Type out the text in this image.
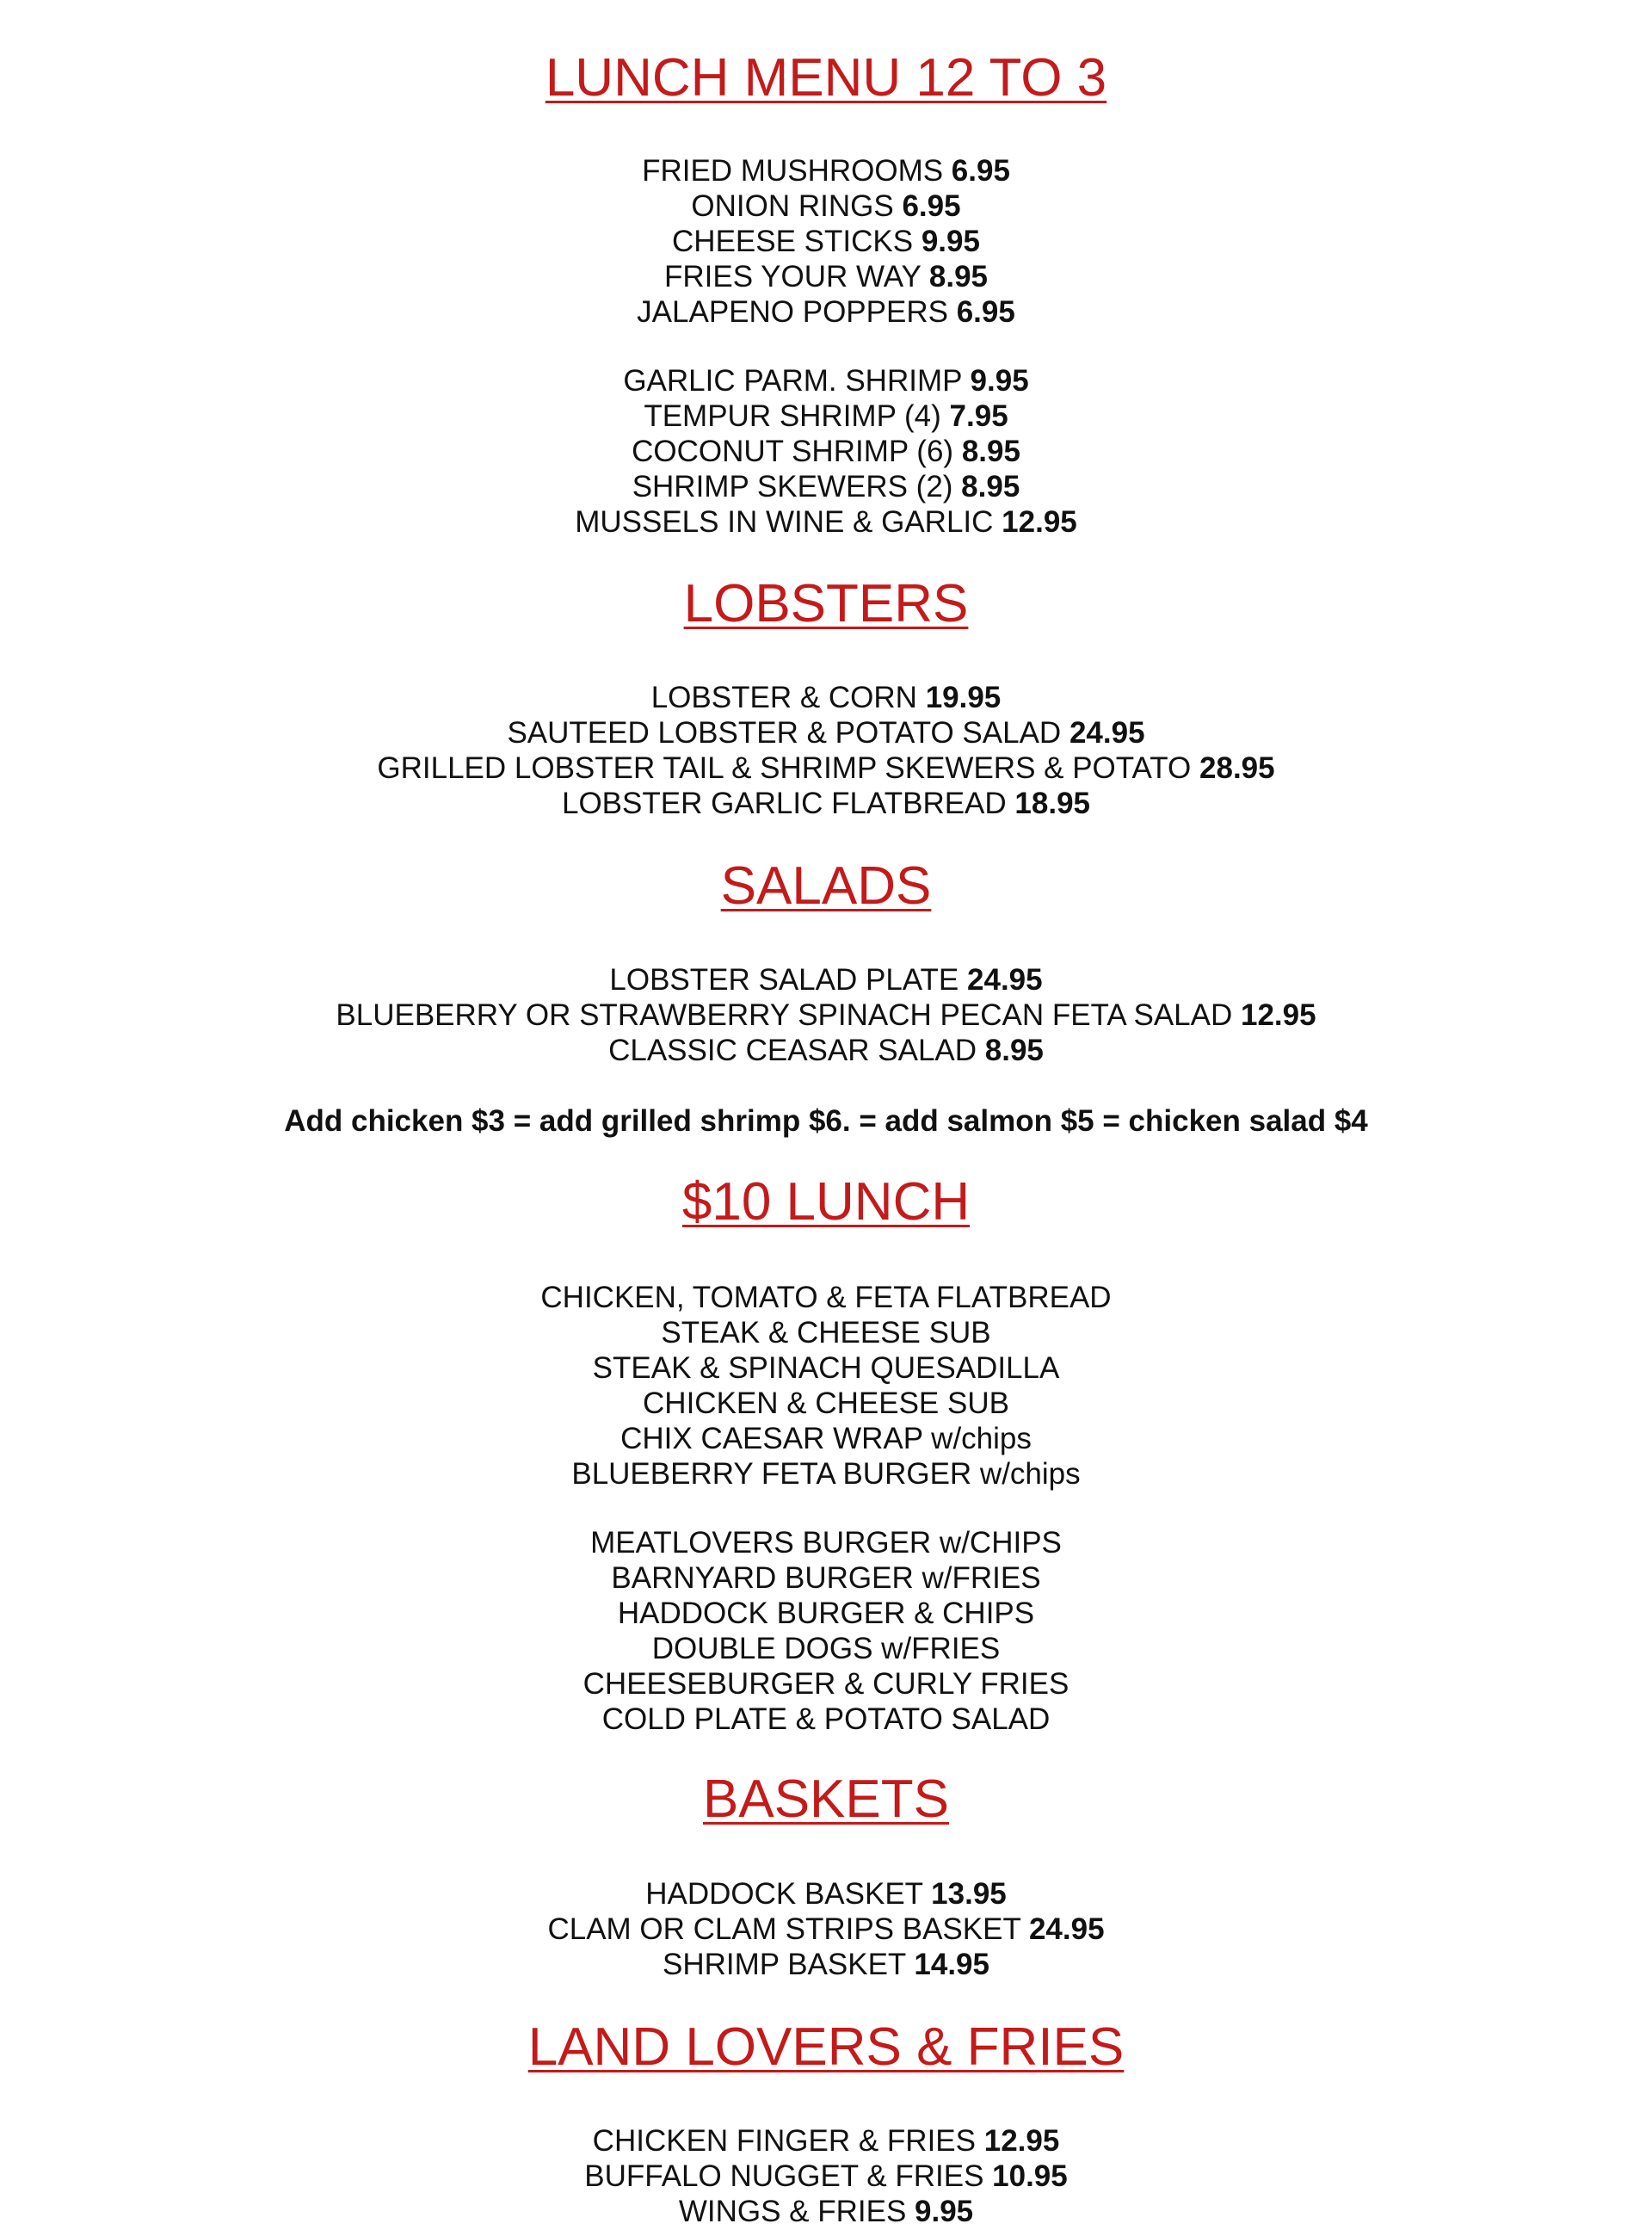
LUNCH MENU 12 TO 3
FRIED MUSHROOMS 6.95
ONION RINGS 6.95
CHEESE STICKS 9.95
FRIES YOUR WAY 8.95
JALAPENO POPPERS 6.95
GARLIC PARM. SHRIMP 9.95
TEMPUR SHRIMP (4) 7.95
COCONUT SHRIMP (6) 8.95
SHRIMP SKEWERS (2) 8.95
MUSSELS IN WINE & GARLIC 12.95
LOBSTERS
LOBSTER & CORN 19.95
SAUTEED LOBSTER & POTATO SALAD 24.95
GRILLED LOBSTER TAIL & SHRIMP SKEWERS & POTATO 28.95
LOBSTER GARLIC FLATBREAD 18.95
SALADS
LOBSTER SALAD PLATE 24.95
BLUEBERRY OR STRAWBERRY SPINACH PECAN FETA SALAD 12.95
CLASSIC CEASAR SALAD 8.95
Add chicken $3 = add grilled shrimp $6. = add salmon $5 = chicken salad $4
$10 LUNCH
CHICKEN, TOMATO & FETA FLATBREAD
STEAK & CHEESE SUB
STEAK & SPINACH QUESADILLA
CHICKEN & CHEESE SUB
CHIX CAESAR WRAP w/chips
BLUEBERRY FETA BURGER w/chips
MEATLOVERS BURGER w/CHIPS
BARNYARD BURGER w/FRIES
HADDOCK BURGER & CHIPS
DOUBLE DOGS w/FRIES
CHEESEBURGER & CURLY FRIES
COLD PLATE & POTATO SALAD
BASKETS
HADDOCK BASKET 13.95
CLAM OR CLAM STRIPS BASKET 24.95
SHRIMP BASKET 14.95
LAND LOVERS & FRIES
CHICKEN FINGER & FRIES 12.95
BUFFALO NUGGET & FRIES 10.95
WINGS & FRIES 9.95
